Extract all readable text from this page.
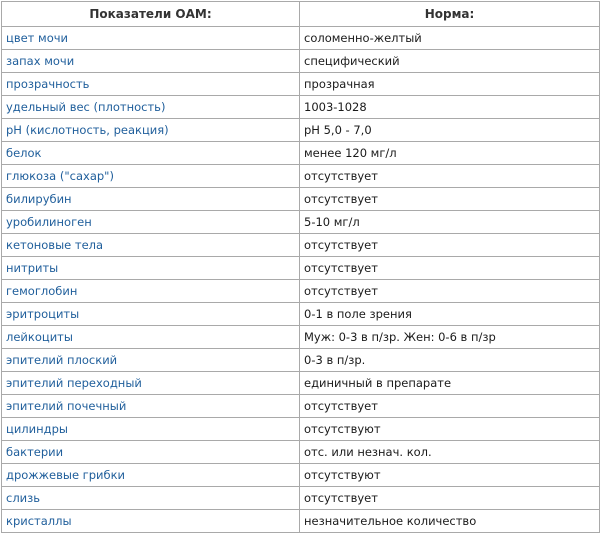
Показатели ОАМ:	Норма:
цвет мочи	соломенно-желтый
запах мочи	специфический
прозрачность	прозрачная
удельный вес (плотность)	1003-1028
pH (кислотность, реакция)	pH 5,0 - 7,0
белок	менее 120 мг/л
глюкоза ("сахар")	отсутствует
билирубин	отсутствует
уробилиноген	5-10 мг/л
кетоновые тела	отсутствует
нитриты	отсутствует
гемоглобин	отсутствует
эритроциты	0-1 в поле зрения
лейкоциты	Муж: 0-3 в п/зр. Жен: 0-6 в п/зр
эпителий плоский	0-3 в п/зр.
эпителий переходный	единичный в препарате
эпителий почечный	отсутствует
цилиндры	отсутствуют
бактерии	отс. или незнач. кол.
дрожжевые грибки	отсутствуют
слизь	отсутствует
кристаллы	незначительное количество
